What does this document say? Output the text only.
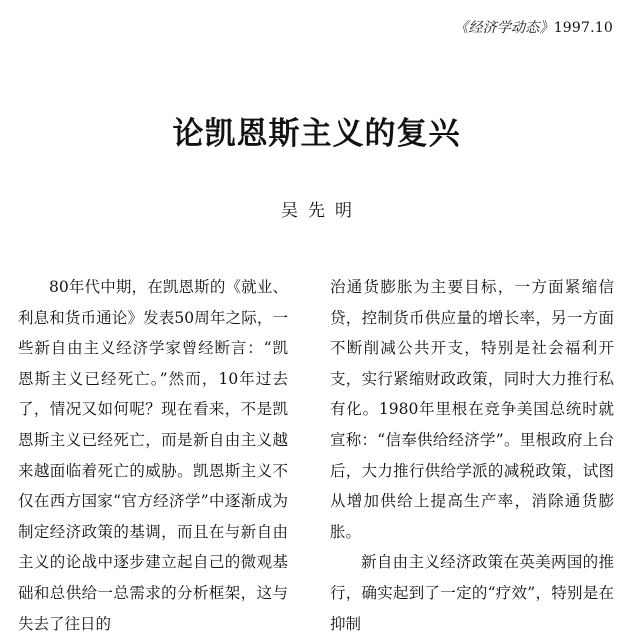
《经济学动态》1997.10
论凯恩斯主义的复兴
吴先明

80年代中期，在凯恩斯的《就业、利息和货币通论》发表50周年之际，一些新自由主义经济学家曾经断言：“凯恩斯主义已经死亡。”然而，10年过去了，情况又如何呢？现在看来，不是凯恩斯主义已经死亡，而是新自由主义越来越面临着死亡的威胁。凯恩斯主义不仅在西方国家“官方经济学”中逐渐成为制定经济政策的基调，而且在与新自由主义的论战中逐步建立起自己的微观基础和总供给一总需求的分析框架，这与失去了往日的

治通货膨胀为主要目标，一方面紧缩信贷，控制货币供应量的增长率，另一方面不断削减公共开支，特别是社会福利开支，实行紧缩财政政策，同时大力推行私有化。1980年里根在竞争美国总统时就宣称：“信奉供给经济学”。里根政府上台后，大力推行供给学派的减税政策，试图从增加供给上提高生产率，消除通货膨胀。

新自由主义经济政策在英美两国的推行，确实起到了一定的“疗效”，特别是在抑制
